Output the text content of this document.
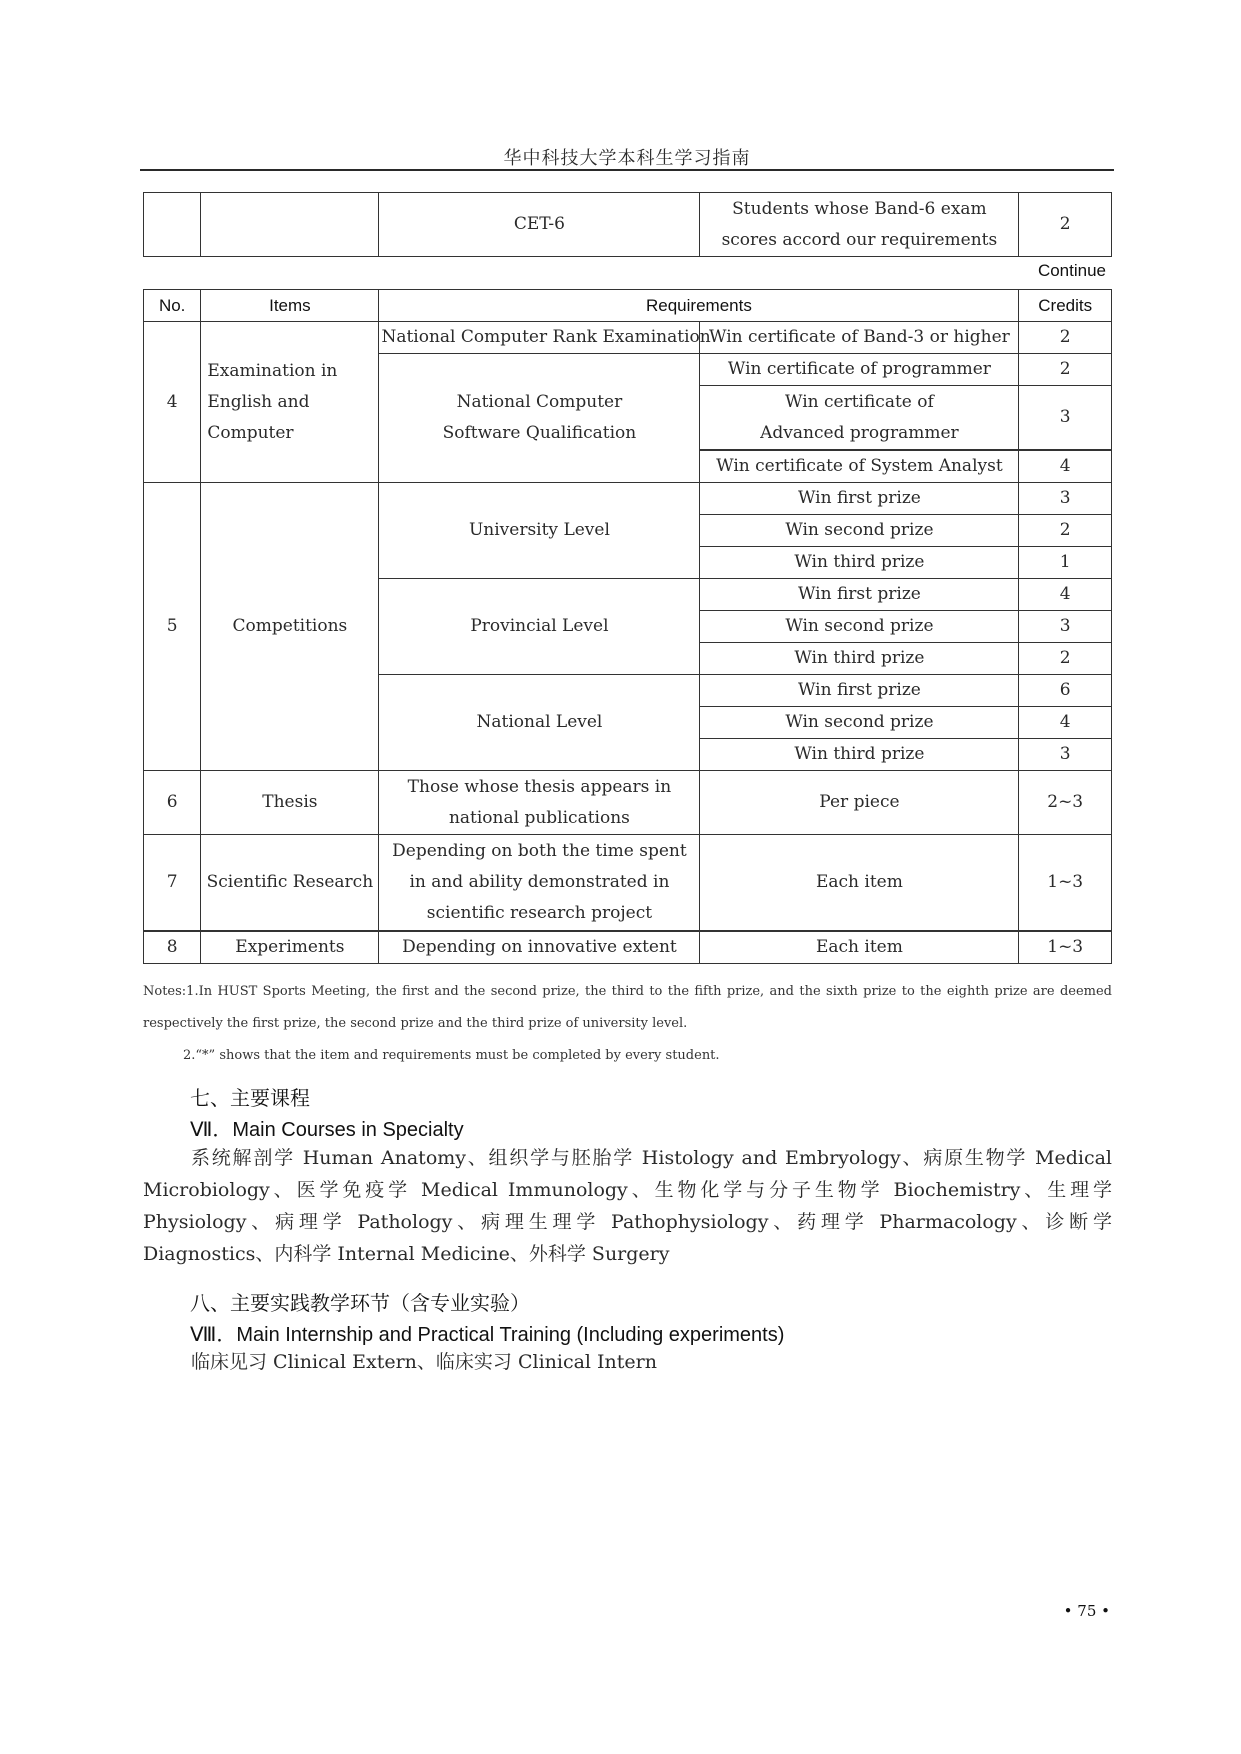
华中科技大学本科生学习指南
		CET-6	Students whose Band-6 exam scores accord our requirements	2
Continue
No.	Items	Requirements		Credits
4	Examination in English and Computer	National Computer Rank Examination	Win certificate of Band-3 or higher	2
		National Computer Software Qualification	Win certificate of programmer	2
			Win certificate of Advanced programmer	3

			Win certificate of System Analyst	4
5	Competitions	University Level	Win first prize	3
			Win second prize	2
			Win third prize	1
		Provincial Level	Win first prize	4
			Win second prize	3
			Win third prize	2
		National Level	Win first prize	6
			Win second prize	4
			Win third prize	3
6	Thesis	Those whose thesis appears in national publications	Per piece	2~3
7	Scientific Research	Depending on both the time spent in and ability demonstrated in scientific research project	Each item	1~3
8	Experiments	Depending on innovative extent	Each item	1~3

Notes:1.In HUST Sports Meeting, the first and the second prize, the third to the fifth prize, and the sixth prize to the eighth prize are deemed respectively the first prize, the second prize and the third prize of university level.

2.“*” shows that the item and requirements must be completed by every student.

七、主要课程
Ⅶ．Main Courses in Specialty
系统解剖学 Human Anatomy、组织学与胚胎学 Histology and Embryology、病原生物学 Medical Microbiology、医学免疫学 Medical Immunology、生物化学与分子生物学 Biochemistry、生理学 Physiology、病理学 Pathology、病理生理学 Pathophysiology、药理学 Pharmacology、诊断学 Diagnostics、内科学 Internal Medicine、外科学 Surgery
八、主要实践教学环节（含专业实验）
Ⅷ．Main Internship and Practical Training (Including experiments)
临床见习 Clinical Extern、临床实习 Clinical Intern
• 75 •
